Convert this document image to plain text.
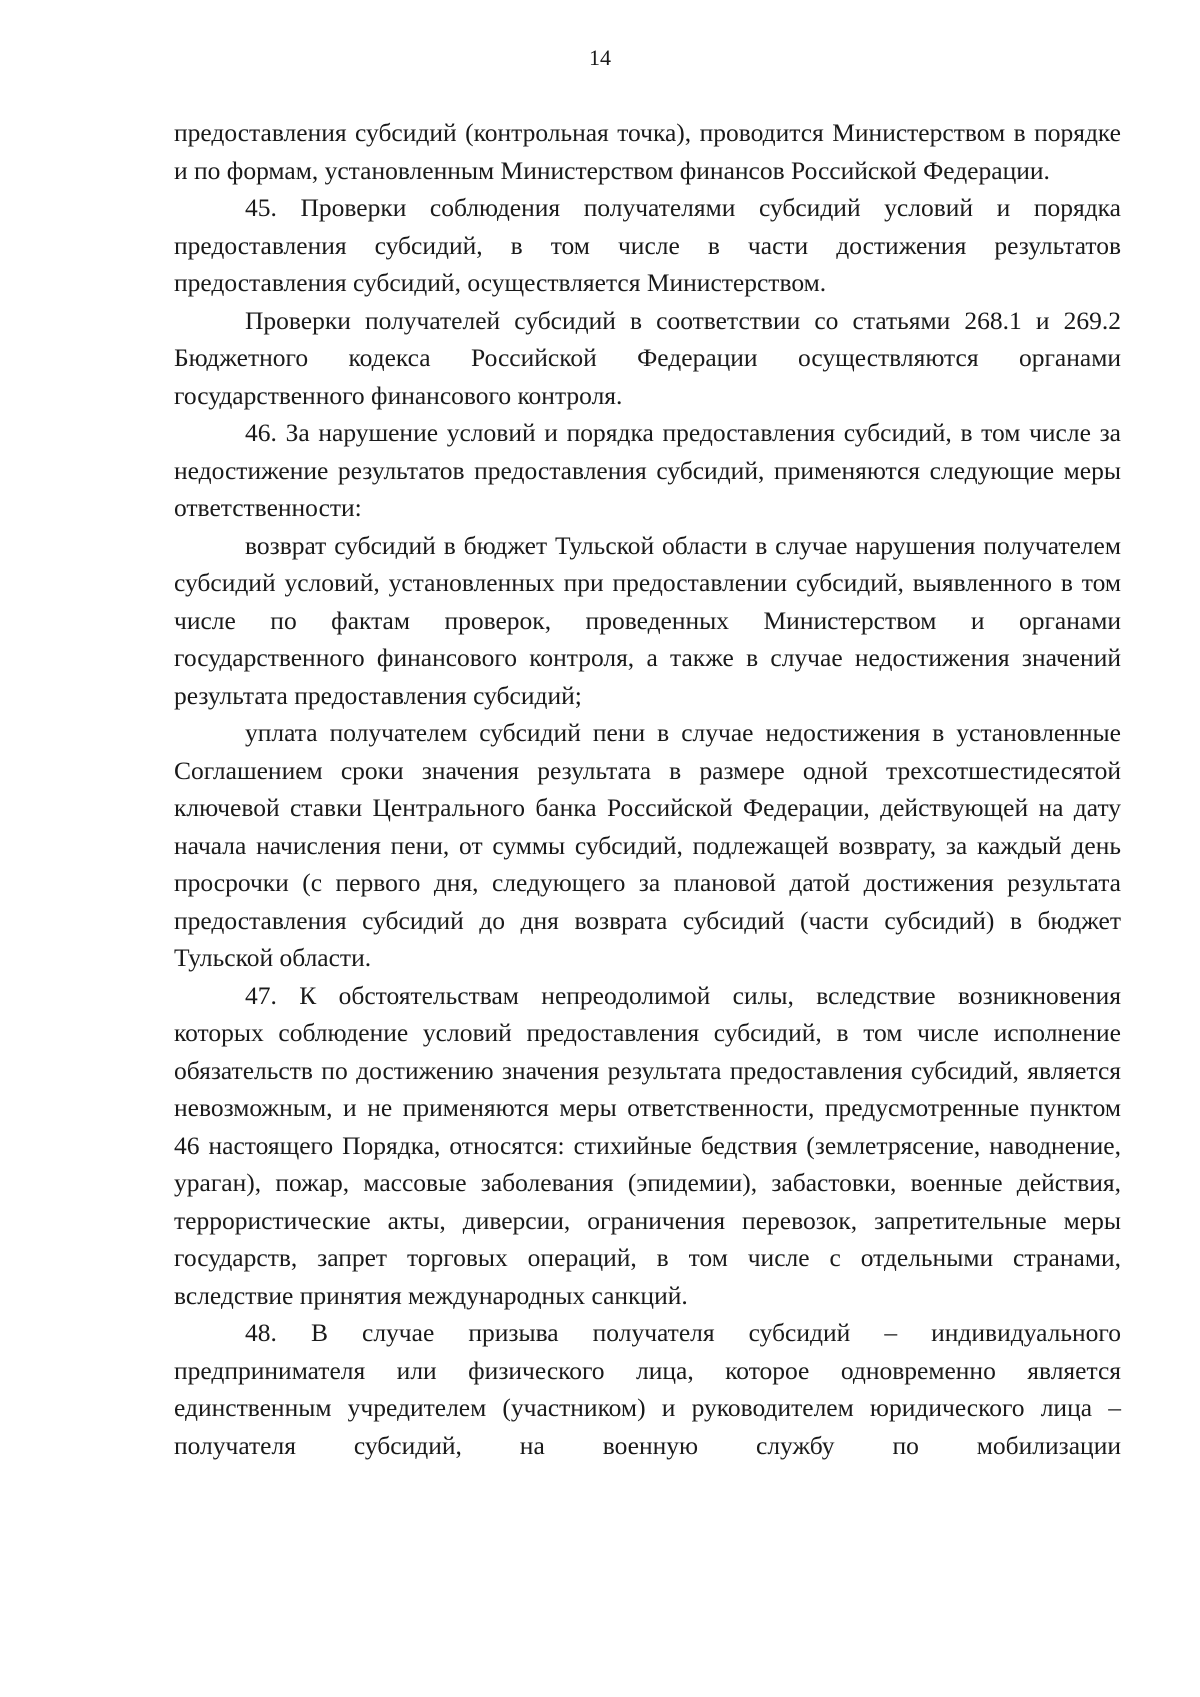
14

предоставления субсидий (контрольная точка), проводится Министерством в порядке и по формам, установленным Министерством финансов Российской Федерации.

45. Проверки соблюдения получателями субсидий условий и порядка предоставления субсидий, в том числе в части достижения результатов предоставления субсидий, осуществляется Министерством.

Проверки получателей субсидий в соответствии со статьями 268.1 и 269.2 Бюджетного кодекса Российской Федерации осуществляются органами государственного финансового контроля.

46. За нарушение условий и порядка предоставления субсидий, в том числе за недостижение результатов предоставления субсидий, применяются следующие меры ответственности:

возврат субсидий в бюджет Тульской области в случае нарушения получателем субсидий условий, установленных при предоставлении субсидий, выявленного в том числе по фактам проверок, проведенных Министерством и органами государственного финансового контроля, а также в случае недостижения значений результата предоставления субсидий;

уплата получателем субсидий пени в случае недостижения в установленные Соглашением сроки значения результата в размере одной трехсотшестидесятой ключевой ставки Центрального банка Российской Федерации, действующей на дату начала начисления пени, от суммы субсидий, подлежащей возврату, за каждый день просрочки (с первого дня, следующего за плановой датой достижения результата предоставления субсидий до дня возврата субсидий (части субсидий) в бюджет Тульской области.

47. К обстоятельствам непреодолимой силы, вследствие возникновения которых соблюдение условий предоставления субсидий, в том числе исполнение обязательств по достижению значения результата предоставления субсидий, является невозможным, и не применяются меры ответственности, предусмотренные пунктом 46 настоящего Порядка, относятся: стихийные бедствия (землетрясение, наводнение, ураган), пожар, массовые заболевания (эпидемии), забастовки, военные действия, террористические акты, диверсии, ограничения перевозок, запретительные меры государств, запрет торговых операций, в том числе с отдельными странами, вследствие принятия международных санкций.

48. В случае призыва получателя субсидий – индивидуального предпринимателя или физического лица, которое одновременно является единственным учредителем (участником) и руководителем юридического лица – получателя субсидий, на военную службу по мобилизации
